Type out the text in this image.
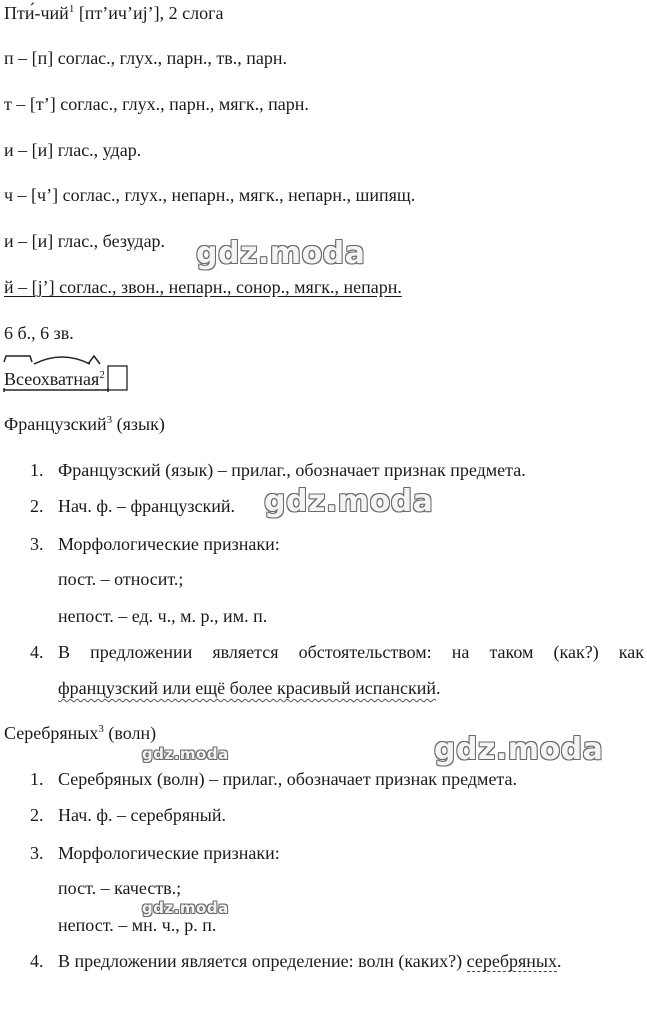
Пти́-чий$^1$ [пт’ич’иj’], 2 слога
п – [п] соглас., глух., парн., тв., парн.
т – [т’] соглас., глух., парн., мягк., парн.
и – [и] глас., удар.
ч – [ч’] соглас., глух., непарн., мягк., непарн., шипящ.
и – [и] глас., безудар.
й – [j’] соглас., звон., непарн., сонор., мягк., непарн.
6 б., 6 зв.
Всеохватная$^2$
Французский$^3$ (язык)
1. Французский (язык) – прилаг., обозначает признак предмета.
2. Нач. ф. – французский.
3. Морфологические признаки:
пост. – относит.;
непост. – ед. ч., м. р., им. п.
4. В предложении является обстоятельством: на таком (как?) как
французский или ещё более красивый испанский.
Серебряных$^3$ (волн)
1. Серебряных (волн) – прилаг., обозначает признак предмета.
2. Нач. ф. – серебряный.
3. Морфологические признаки:
пост. – качеств.;
непост. – мн. ч., р. п.
4. В предложении является определение: волн (каких?) серебряных.
gdz.moda
gdz.moda
gdz.moda
gdz.moda
gdz.moda
